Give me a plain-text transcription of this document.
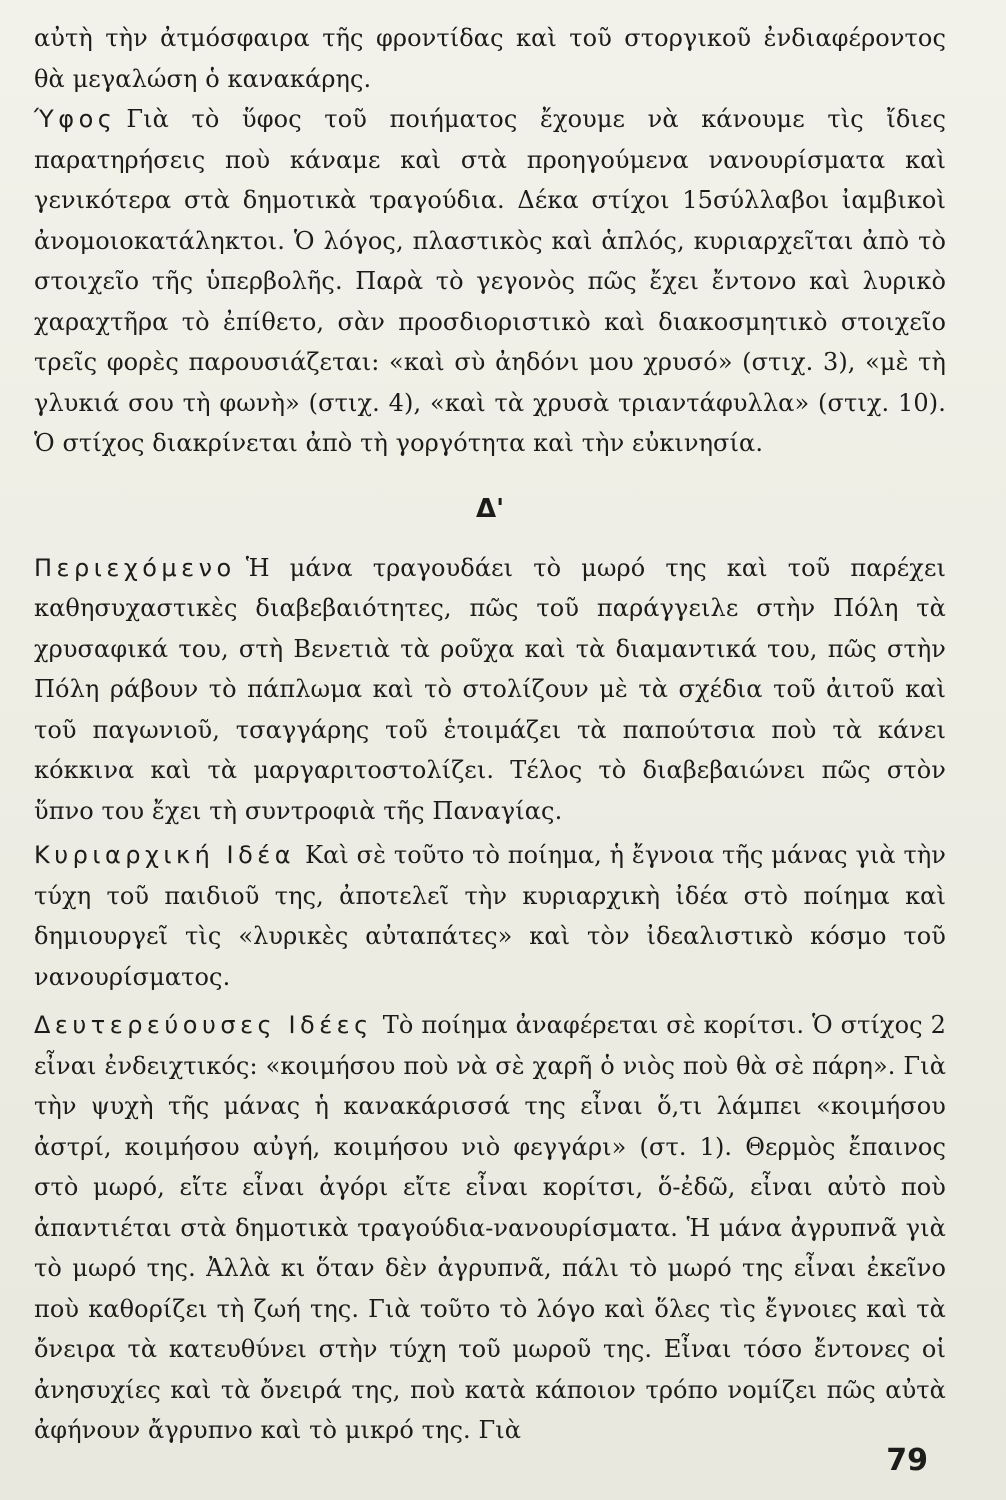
αὐτὴ τὴν ἀτμόσφαιρα τῆς φροντίδας καὶ τοῦ στοργικοῦ ἐνδιαφέροντος θὰ μεγαλώση ὁ κανακάρης.

Ύφος Γιὰ τὸ ὕφος τοῦ ποιήματος ἔχουμε νὰ κάνουμε τὶς ἴδιες παρατηρήσεις ποὺ κάναμε καὶ στὰ προηγούμενα νανουρίσματα καὶ γενικότερα στὰ δημοτικὰ τραγούδια. Δέκα στίχοι 15σύλλαβοι ἰαμβικοὶ ἀνομοιοκατάληκτοι. Ὁ λόγος, πλαστικὸς καὶ ἁπλός, κυριαρχεῖται ἀπὸ τὸ στοιχεῖο τῆς ὑπερβολῆς. Παρὰ τὸ γεγονὸς πῶς ἔχει ἔντονο καὶ λυρικὸ χαραχτῆρα τὸ ἐπίθετο, σὰν προσδιοριστικὸ καὶ διακοσμητικὸ στοιχεῖο τρεῖς φορὲς παρουσιάζεται: «καὶ σὺ ἀηδόνι μου χρυσό» (στιχ. 3), «μὲ τὴ γλυκιά σου τὴ φωνὴ» (στιχ. 4), «καὶ τὰ χρυσὰ τριαντάφυλλα» (στιχ. 10). Ὁ στίχος διακρίνεται ἀπὸ τὴ γοργότητα καὶ τὴν εὐκινησία.

Δ'

Περιεχόμενο Ἡ μάνα τραγουδάει τὸ μωρό της καὶ τοῦ παρέχει καθησυχαστικὲς διαβεβαιότητες, πῶς τοῦ παράγγειλε στὴν Πόλη τὰ χρυσαφικά του, στὴ Βενετιὰ τὰ ροῦχα καὶ τὰ διαμαντικά του, πῶς στὴν Πόλη ράβουν τὸ πάπλωμα καὶ τὸ στολίζουν μὲ τὰ σχέδια τοῦ ἀιτοῦ καὶ τοῦ παγωνιοῦ, τσαγγάρης τοῦ ἑτοιμάζει τὰ παπούτσια ποὺ τὰ κάνει κόκκινα καὶ τὰ μαργαριτοστολίζει. Τέλος τὸ διαβεβαιώνει πῶς στὸν ὕπνο του ἔχει τὴ συντροφιὰ τῆς Παναγίας.

Κυριαρχική Ιδέα Καὶ σὲ τοῦτο τὸ ποίημα, ἡ ἔγνοια τῆς μάνας γιὰ τὴν τύχη τοῦ παιδιοῦ της, ἀποτελεῖ τὴν κυριαρχικὴ ἰδέα στὸ ποίημα καὶ δημιουργεῖ τὶς «λυρικὲς αὐταπάτες» καὶ τὸν ἰδεαλιστικὸ κόσμο τοῦ νανουρίσματος.

Δευτερεύουσες Ιδέες Τὸ ποίημα ἀναφέρεται σὲ κορίτσι. Ὁ στίχος 2 εἶναι ἐνδειχτικός: «κοιμήσου ποὺ νὰ σὲ χαρῆ ὁ νιὸς ποὺ θὰ σὲ πάρη». Γιὰ τὴν ψυχὴ τῆς μάνας ἡ κανακάρισσά της εἶναι ὅ,τι λάμπει «κοιμήσου ἀστρί, κοιμήσου αὐγή, κοιμήσου νιὸ φεγγάρι» (στ. 1). Θερμὸς ἔπαινος στὸ μωρό, εἴτε εἶναι ἀγόρι εἴτε εἶναι κορίτσι, ὅ-ἐδῶ, εἶναι αὐτὸ ποὺ ἀπαντιέται στὰ δημοτικὰ τραγούδια-νανουρίσματα. Ἡ μάνα ἀγρυπνᾶ γιὰ τὸ μωρό της. Ἀλλὰ κι ὅταν δὲν ἀγρυπνᾶ, πάλι τὸ μωρό της εἶναι ἐκεῖνο ποὺ καθορίζει τὴ ζωή της. Γιὰ τοῦτο τὸ λόγο καὶ ὅλες τὶς ἔγνοιες καὶ τὰ ὄνειρα τὰ κατευθύνει στὴν τύχη τοῦ μωροῦ της. Εἶναι τόσο ἔντονες οἱ ἀνησυχίες καὶ τὰ ὄνειρά της, ποὺ κατὰ κάποιον τρόπο νομίζει πῶς αὐτὰ ἀφήνουν ἄγρυπνο καὶ τὸ μικρό της. Γιὰ

79
